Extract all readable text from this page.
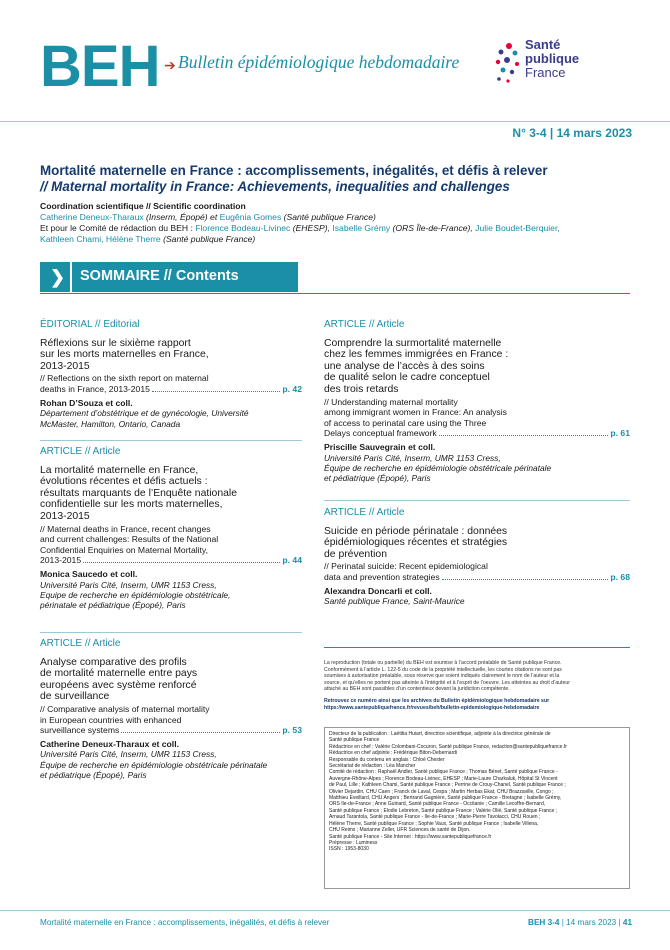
BEH ➔ Bulletin épidémiologique hebdomadaire
Santé
publique
France
N° 3-4 | 14 mars 2023
Mortalité maternelle en France : accomplissements, inégalités, et défis à relever
// Maternal mortality in France: Achievements, inequalities and challenges
Coordination scientifique // Scientific coordination
Catherine Deneux-Tharaux (Inserm, Épopé) et Eugênia Gomes (Santé publique France)
Et pour le Comité de rédaction du BEH : Florence Bodeau-Livinec (EHESP), Isabelle Grémy (ORS Île-de-France), Julie Boudet-Berquier,
Kathleen Chami, Hélène Therre (Santé publique France)
❯ SOMMAIRE // Contents
ÉDITORIAL // Editorial
Réflexions sur le sixième rapport
sur les morts maternelles en France,
2013-2015
// Reflections on the sixth report on maternal
deaths in France, 2013-2015	p. 42
Rohan D’Souza et coll.
Département d’obstétrique et de gynécologie, Université
McMaster, Hamilton, Ontario, Canada
ARTICLE // Article
La mortalité maternelle en France,
évolutions récentes et défis actuels :
résultats marquants de l’Enquête nationale
confidentielle sur les morts maternelles,
2013-2015
// Maternal deaths in France, recent changes
and current challenges: Results of the National
Confidential Enquiries on Maternal Mortality,
2013-2015	p. 44
Monica Saucedo et coll.
Université Paris Cité, Inserm, UMR 1153 Cress,
Equipe de recherche en épidémiologie obstétricale,
périnatale et pédiatrique (Épopé), Paris
ARTICLE // Article
Analyse comparative des profils
de mortalité maternelle entre pays
européens avec système renforcé
de surveillance
// Comparative analysis of maternal mortality
in European countries with enhanced
surveillance systems	p. 53
Catherine Deneux-Tharaux et coll.
Université Paris Cité, Inserm, UMR 1153 Cress,
Équipe de recherche en épidémiologie obstétricale périnatale
et pédiatrique (Épopé), Paris
ARTICLE // Article
Comprendre la surmortalité maternelle
chez les femmes immigrées en France :
une analyse de l’accès à des soins
de qualité selon le cadre conceptuel
des trois retards
// Understanding maternal mortality
among immigrant women in France: An analysis
of access to perinatal care using the Three
Delays conceptual framework	p. 61
Priscille Sauvegrain et coll.
Université Paris Cité, Inserm, UMR 1153 Cress,
Équipe de recherche en épidémiologie obstétricale périnatale
et pédiatrique (Épopé), Paris
ARTICLE // Article
Suicide en période périnatale : données
épidémiologiques récentes et stratégies
de prévention
// Perinatal suicide: Recent epidemiological
data and prevention strategies	p. 68
Alexandra Doncarli et coll.
Santé publique France, Saint-Maurice
La reproduction (totale ou partielle) du BEH est soumise à l’accord préalable de Santé publique France.
Conformément à l’article L. 122-5 du code de la propriété intellectuelle, les courtes citations ne sont pas
soumises à autorisation préalable, sous réserve que soient indiqués clairement le nom de l’auteur et la
source, et qu’elles ne portent pas atteinte à l’intégrité et à l’esprit de l’oeuvre. Les atteintes au droit d’auteur
attaché au BEH sont passibles d’un contentieux devant la juridiction compétente.
Retrouvez ce numéro ainsi que les archives du Bulletin épidémiologique hebdomadaire sur
https://www.santepubliquefrance.fr/revues/beh/bulletin-epidemiologique-hebdomadaire
Directeur de la publication : Laëtitia Huiart, directrice scientifique, adjointe à la directrice générale de
Santé publique France
Rédactrice en chef : Valérie Colombani-Cocuron, Santé publique France, redaction@santepubliquefrance.fr
Rédactrice en chef adjointe : Frédérique Biton-Debernardi
Responsable du contenu en anglais : Chloé Chester
Secrétariat de rédaction : Léa Mancher
Comité de rédaction : Raphaël Andler, Santé publique France ; Thomas Bénet, Santé publique France -
Auvergne-Rhône-Alpes ; Florence Bodeau-Livinec, EHESP ; Marie-Laure Charkaluk, Hôpital St Vincent
de Paul, Lille ; Kathleen Chami, Santé publique France ; Perrine de Crouy-Chanel, Santé publique France ;
Olivier Dejardin, CHU Caen ; Franck de Laval, Cespa ; Martin Herbas Ekat, CHU Brazzaville, Congo ;
Matthieu Eveillard, CHU Angers ; Bertrand Gagnière, Santé publique France - Bretagne ; Isabelle Grémy,
ORS Île-de-France ; Anne Guinard, Santé publique France - Occitanie ; Camille Lecoffre-Bernard,
Santé publique France ; Élodie Lebreton, Santé publique France ; Valérie Olié, Santé publique France ;
Arnaud Tarantola, Santé publique France - Île-de-France ; Marie-Pierre Tavolacci, CHU Rouen ;
Hélène Therre, Santé publique France ; Sophie Vaux, Santé publique France ; Isabelle Villena,
CHU Reims ; Marianne Zeller, UFR Sciences de santé de Dijon.
Santé publique France - Site Internet : https://www.santepubliquefrance.fr
Prépresse : Luminess
ISSN : 1953-8030
Mortalité maternelle en France : accomplissements, inégalités, et défis à relever	BEH 3-4 | 14 mars 2023 | 41
